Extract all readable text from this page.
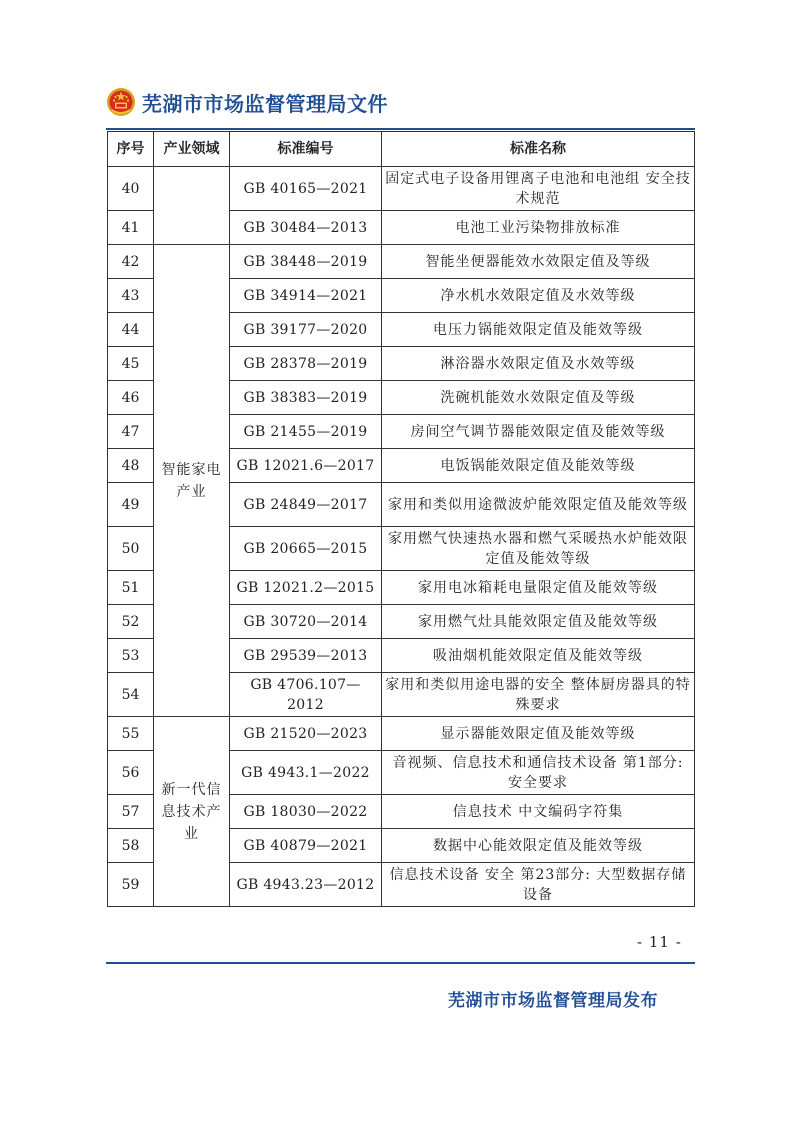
芜湖市市场监督管理局文件
序号	产业领域	标准编号	标准名称
40		GB 40165—2021	固定式电子设备用锂离子电池和电池组 安全技术规范
41		GB 30484—2013	电池工业污染物排放标准
42	智能家电产业	GB 38448—2019	智能坐便器能效水效限定值及等级
43		GB 34914—2021	净水机水效限定值及水效等级
44		GB 39177—2020	电压力锅能效限定值及能效等级
45		GB 28378—2019	淋浴器水效限定值及水效等级
46		GB 38383—2019	洗碗机能效水效限定值及等级
47		GB 21455—2019	房间空气调节器能效限定值及能效等级
48		GB 12021.6—2017	电饭锅能效限定值及能效等级
49		GB 24849—2017	家用和类似用途微波炉能效限定值及能效等级
50		GB 20665—2015	家用燃气快速热水器和燃气采暖热水炉能效限定值及能效等级
51		GB 12021.2—2015	家用电冰箱耗电量限定值及能效等级
52		GB 30720—2014	家用燃气灶具能效限定值及能效等级
53		GB 29539—2013	吸油烟机能效限定值及能效等级
54		GB 4706.107—2012	家用和类似用途电器的安全 整体厨房器具的特殊要求
55	新一代信息技术产业	GB 21520—2023	显示器能效限定值及能效等级
56		GB 4943.1—2022	音视频、信息技术和通信技术设备 第1部分:安全要求
57		GB 18030—2022	信息技术 中文编码字符集
58		GB 40879—2021	数据中心能效限定值及能效等级
59		GB 4943.23—2012	信息技术设备 安全 第23部分: 大型数据存储设备
- 11 -
芜湖市市场监督管理局发布
